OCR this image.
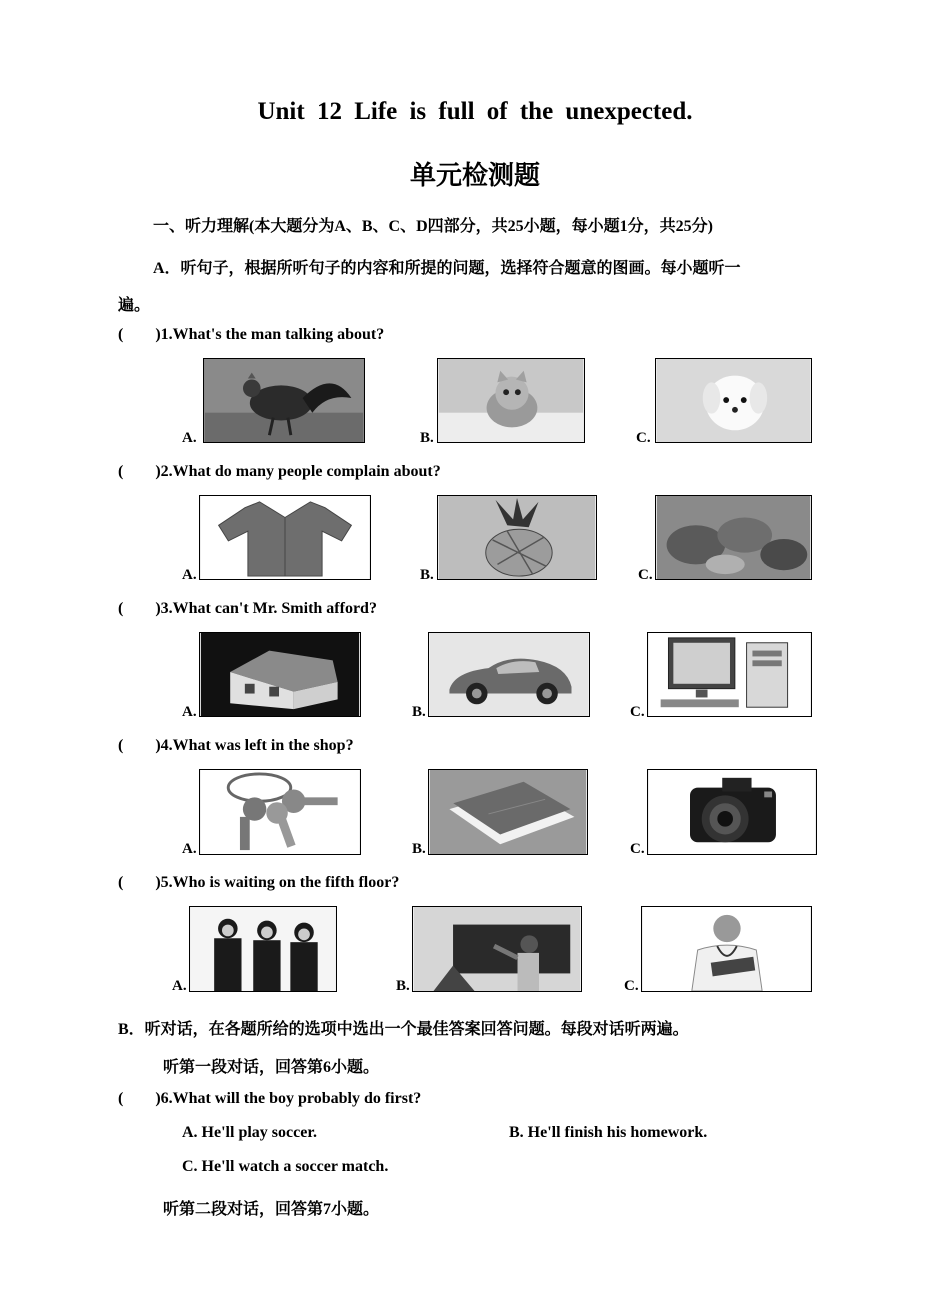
Unit 12 Life is full of the unexpected.
单元检测题
一、听力理解(本大题分为A、B、C、D四部分，共25小题，每小题1分，共25分)
A．听句子，根据所听句子的内容和所提的问题，选择符合题意的图画。每小题听一
遍。
( )1.What's the man talking about?
A.	B.	C.
( )2.What do many people complain about?
A.	B.	C.
( )3.What can't Mr. Smith afford?
A.	B.	C.
( )4.What was left in the shop?
A.	B.	C.
( )5.Who is waiting on the fifth floor?
A.	B.	C.
B．听对话，在各题所给的选项中选出一个最佳答案回答问题。每段对话听两遍。
听第一段对话，回答第6小题。
( )6.What will the boy probably do first?
A. He'll play soccer.	B. He'll finish his homework.
C. He'll watch a soccer match.
听第二段对话，回答第7小题。
